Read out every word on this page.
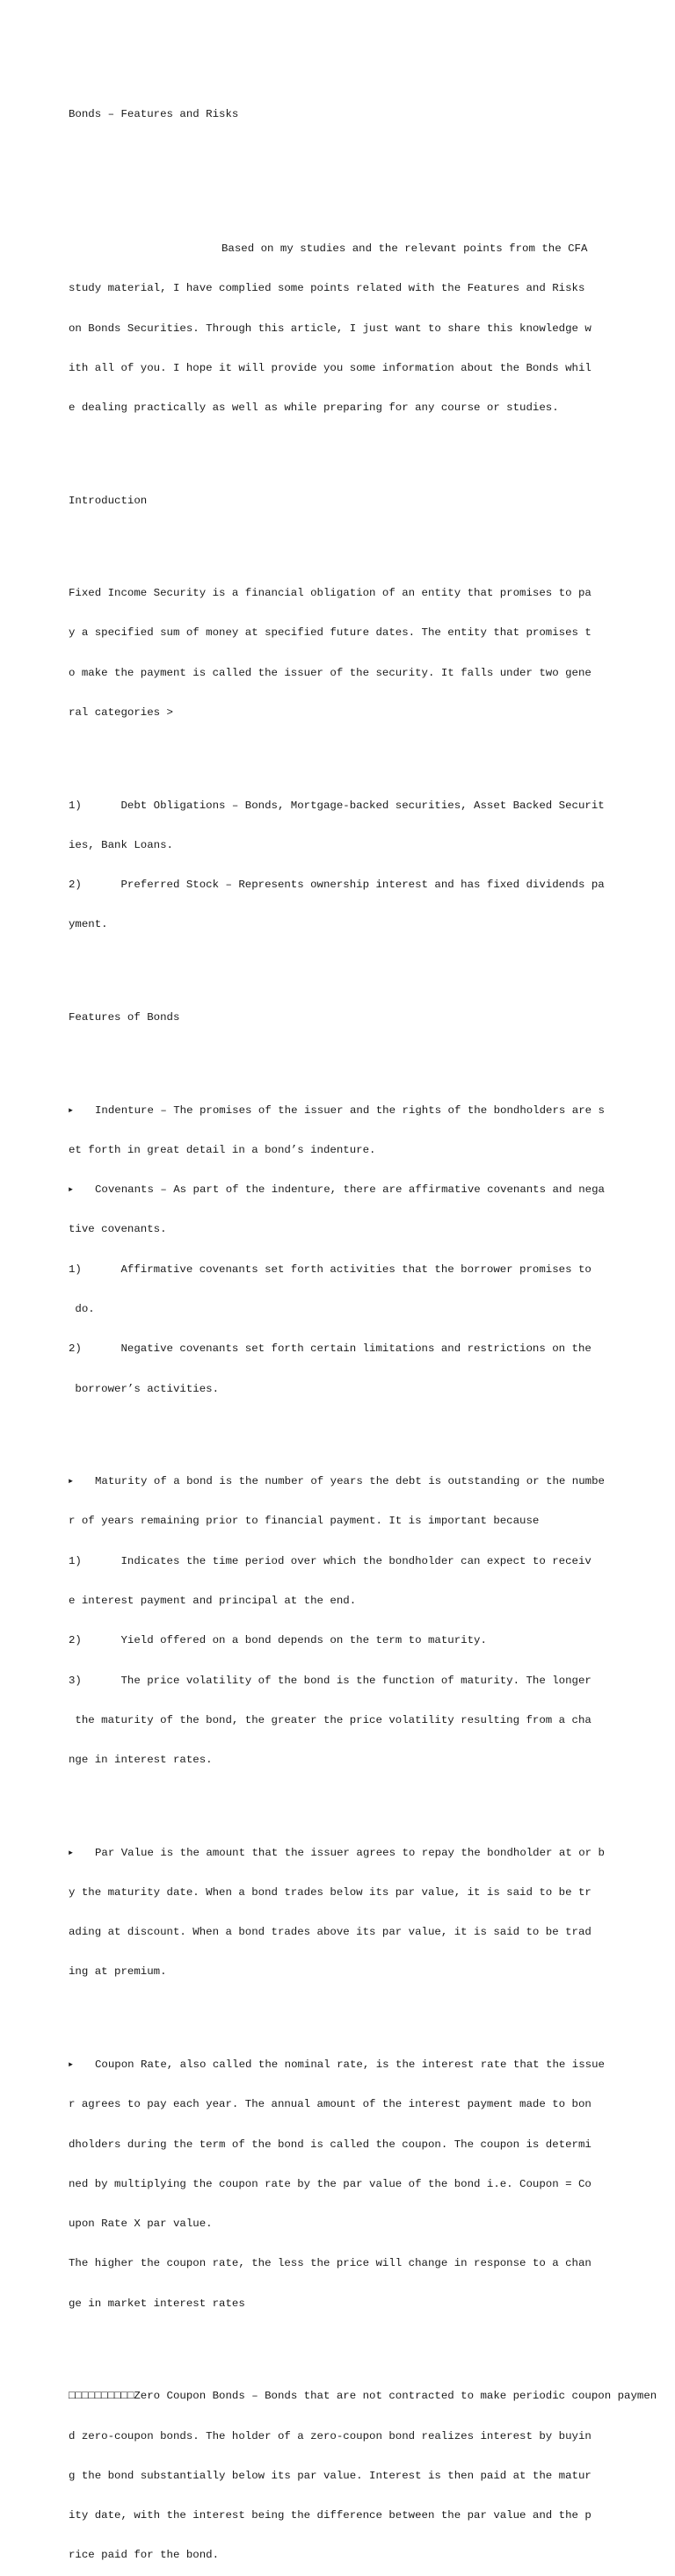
Bonds – Features and Risks

Based on my studies and the relevant points from the CFA

study material, I have complied some points related with the Features and Risks

on Bonds Securities. Through this article, I just want to share this knowledge w

ith all of you. I hope it will provide you some information about the Bonds whil

e dealing practically as well as while preparing for any course or studies.

Introduction

Fixed Income Security is a financial obligation of an entity that promises to pa

y a specified sum of money at specified future dates. The entity that promises t

o make the payment is called the issuer of the security. It falls under two gene

ral categories >

1)      Debt Obligations – Bonds, Mortgage-backed securities, Asset Backed Securit

ies, Bank Loans.

2)      Preferred Stock – Represents ownership interest and has fixed dividends pa

yment.

Features of Bonds

► Indenture – The promises of the issuer and the rights of the bondholders are s

et forth in great detail in a bond’s indenture.

► Covenants – As part of the indenture, there are affirmative covenants and nega

tive covenants.

1)      Affirmative covenants set forth activities that the borrower promises to

do.

2)      Negative covenants set forth certain limitations and restrictions on the

borrower’s activities.

► Maturity of a bond is the number of years the debt is outstanding or the numbe

r of years remaining prior to financial payment. It is important because

1)      Indicates the time period over which the bondholder can expect to receiv

e interest payment and principal at the end.

2)      Yield offered on a bond depends on the term to maturity.

3)      The price volatility of the bond is the function of maturity. The longer

the maturity of the bond, the greater the price volatility resulting from a cha

nge in interest rates.

► Par Value is the amount that the issuer agrees to repay the bondholder at or b

y the maturity date. When a bond trades below its par value, it is said to be tr

ading at discount. When a bond trades above its par value, it is said to be trad

ing at premium.

► Coupon Rate, also called the nominal rate, is the interest rate that the issue

r agrees to pay each year. The annual amount of the interest payment made to bon

dholders during the term of the bond is called the coupon. The coupon is determi

ned by multiplying the coupon rate by the par value of the bond i.e. Coupon = Co

upon Rate X par value.

The higher the coupon rate, the less the price will change in response to a chan

ge in market interest rates

□□□□□□□□□□Zero Coupon Bonds – Bonds that are not contracted to make periodic coupon paymen

d zero-coupon bonds. The holder of a zero-coupon bond realizes interest by buyin

g the bond substantially below its par value. Interest is then paid at the matur

ity date, with the interest being the difference between the par value and the p

rice paid for the bond.
